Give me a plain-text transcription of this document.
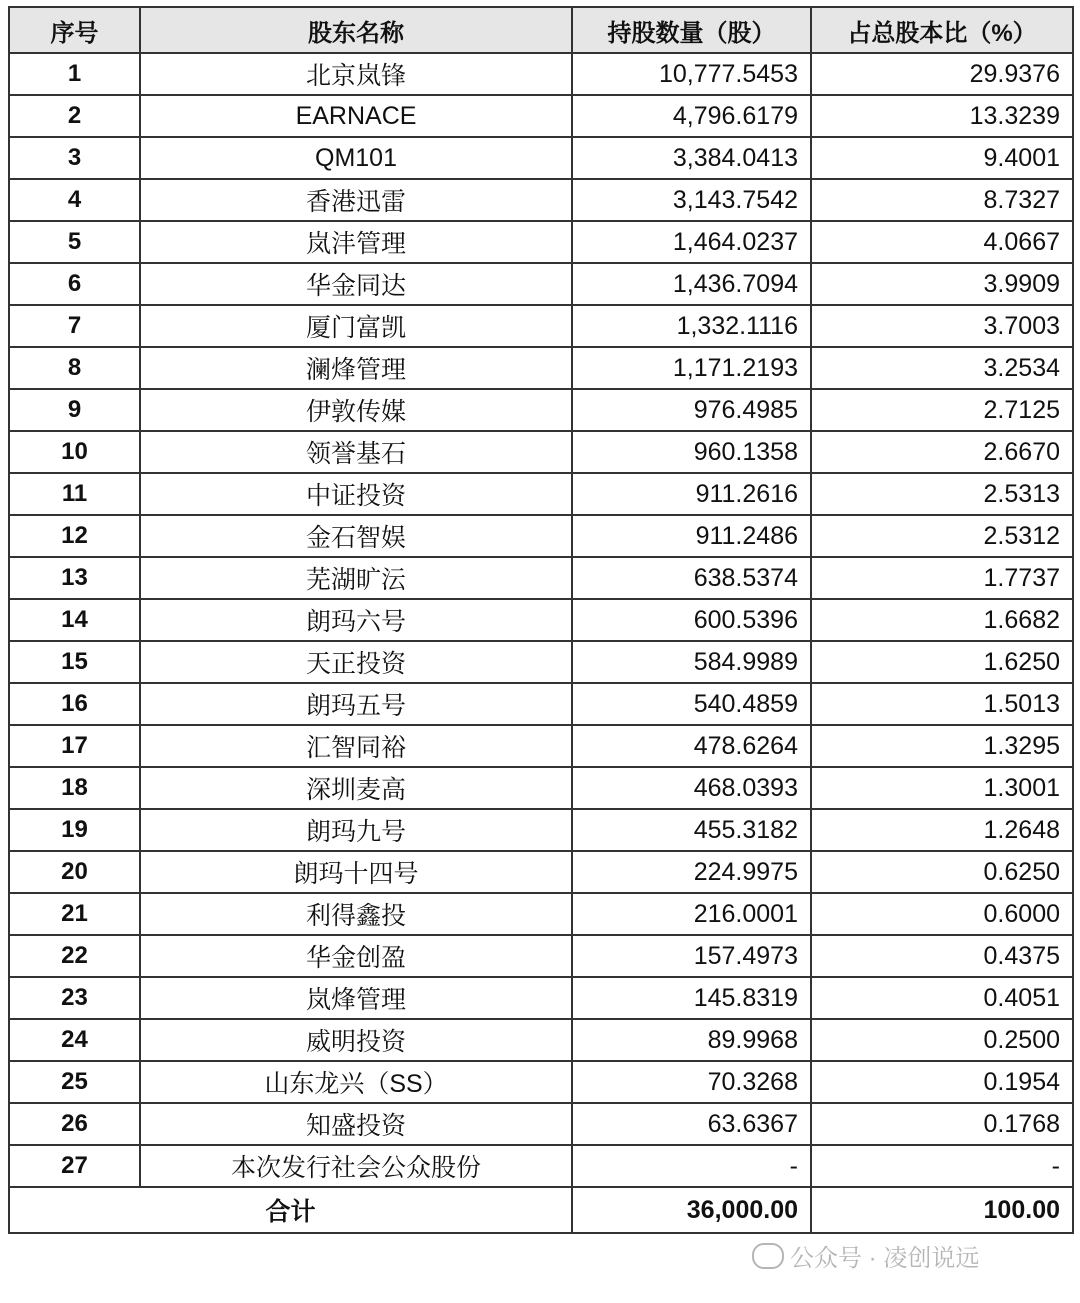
序号	股东名称	持股数量（股）	占总股本比（%）
1	北京岚锋	10,777.5453	29.9376
2	EARNACE	4,796.6179	13.3239
3	QM101	3,384.0413	9.4001
4	香港迅雷	3,143.7542	8.7327
5	岚沣管理	1,464.0237	4.0667
6	华金同达	1,436.7094	3.9909
7	厦门富凯	1,332.1116	3.7003
8	澜烽管理	1,171.2193	3.2534
9	伊敦传媒	976.4985	2.7125
10	领誉基石	960.1358	2.6670
11	中证投资	911.2616	2.5313
12	金石智娱	911.2486	2.5312
13	芜湖旷沄	638.5374	1.7737
14	朗玛六号	600.5396	1.6682
15	天正投资	584.9989	1.6250
16	朗玛五号	540.4859	1.5013
17	汇智同裕	478.6264	1.3295
18	深圳麦高	468.0393	1.3001
19	朗玛九号	455.3182	1.2648
20	朗玛十四号	224.9975	0.6250
21	利得鑫投	216.0001	0.6000
22	华金创盈	157.4973	0.4375
23	岚烽管理	145.8319	0.4051
24	威明投资	89.9968	0.2500
25	山东龙兴（SS）	70.3268	0.1954
26	知盛投资	63.6367	0.1768
27	本次发行社会公众股份	-	-
合计		36,000.00	100.00
公众号 · 凌创说远
